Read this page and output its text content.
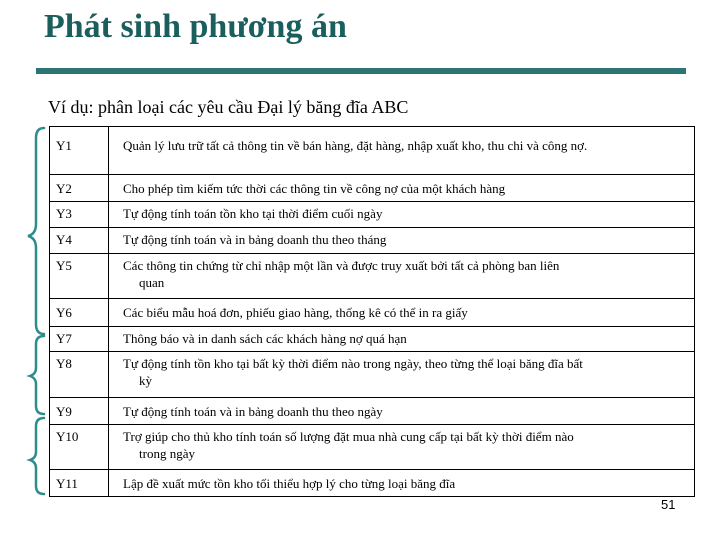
Phát sinh phương án
Ví dụ: phân loại các yêu cầu Đại lý băng đĩa ABC
Y1	Quản lý lưu trữ tất cả thông tin về bán hàng, đặt hàng, nhập xuất kho, thu chi và công nợ.
Y2	Cho phép tìm kiếm tức thời các thông tin về công nợ của một khách hàng
Y3	Tự động tính toán tồn kho tại thời điểm cuối ngày
Y4	Tự động tính toán và in bảng doanh thu theo tháng
Y5	Các thông tin chứng từ chỉ nhập một lần và được truy xuất bởi tất cả phòng ban liên
quan

Y6	Các biểu mẫu hoá đơn, phiếu giao hàng, thống kê có thể in ra giấy
Y7	Thông báo và in danh sách các khách hàng nợ quá hạn
Y8	Tự động tính tồn kho tại bất kỳ thời điểm nào trong ngày, theo từng thể loại băng đĩa bất
kỳ

Y9	Tự động tính toán và in bảng doanh thu theo ngày
Y10	Trợ giúp cho thủ kho tính toán số lượng đặt mua nhà cung cấp tại bất kỳ thời điểm nào
trong ngày

Y11	Lập đề xuất mức tồn kho tối thiểu hợp lý cho từng loại băng đĩa
51
